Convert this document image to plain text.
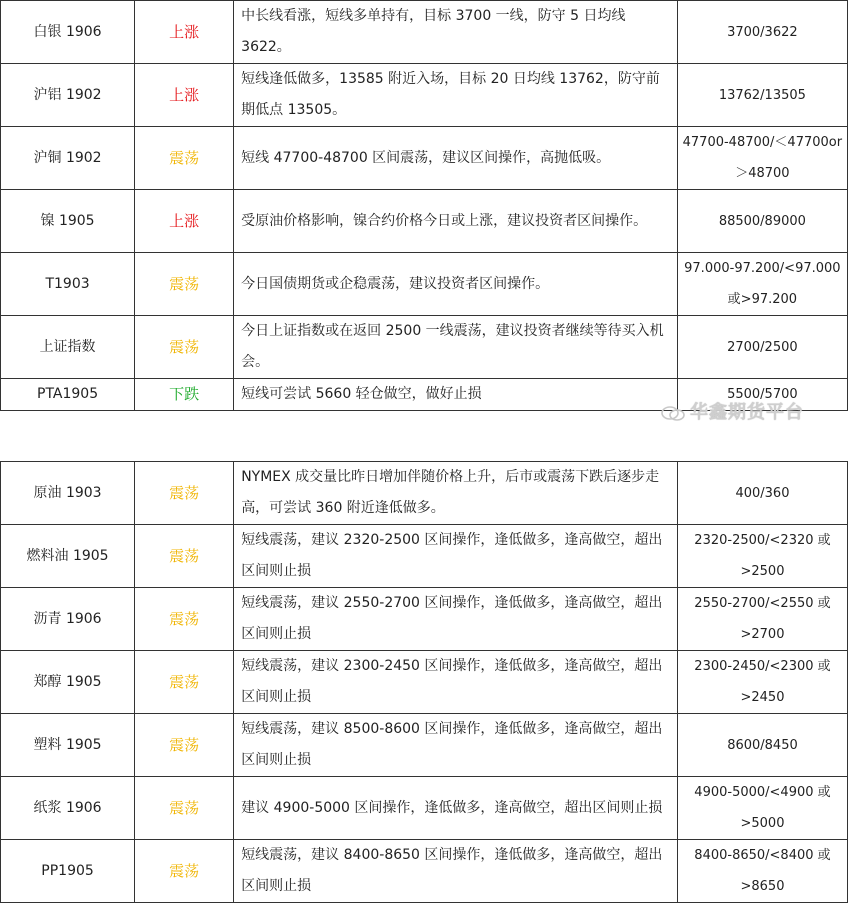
白银 1906	上涨	中长线看涨，短线多单持有，目标 3700 一线，防守 5 日均线 3622。	3700/3622
沪铝 1902	上涨	短线逢低做多，13585 附近入场，目标 20 日均线 13762，防守前期低点 13505。	13762/13505
沪铜 1902	震荡	短线 47700-48700 区间震荡，建议区间操作，高抛低吸。	47700-48700/＜47700or＞48700
镍 1905	上涨	受原油价格影响，镍合约价格今日或上涨，建议投资者区间操作。	88500/89000
T1903	震荡	今日国债期货或企稳震荡，建议投资者区间操作。	97.000-97.200/<97.000 或>97.200
上证指数	震荡	今日上证指数或在返回 2500 一线震荡，建议投资者继续等待买入机会。	2700/2500
PTA1905	下跌	短线可尝试 5660 轻仓做空，做好止损	5500/5700
华鑫期货平台
原油 1903	震荡	NYMEX 成交量比昨日增加伴随价格上升，后市或震荡下跌后逐步走高，可尝试 360 附近逢低做多。	400/360
燃料油 1905	震荡	短线震荡，建议 2320-2500 区间操作，逢低做多，逢高做空，超出区间则止损	2320-2500/<2320 或>2500
沥青 1906	震荡	短线震荡，建议 2550-2700 区间操作，逢低做多，逢高做空，超出区间则止损	2550-2700/<2550 或>2700
郑醇 1905	震荡	短线震荡，建议 2300-2450 区间操作，逢低做多，逢高做空，超出区间则止损	2300-2450/<2300 或>2450
塑料 1905	震荡	短线震荡，建议 8500-8600 区间操作，逢低做多，逢高做空，超出区间则止损	8600/8450
纸浆 1906	震荡	建议 4900-5000 区间操作，逢低做多，逢高做空，超出区间则止损	4900-5000/<4900 或>5000
PP1905	震荡	短线震荡，建议 8400-8650 区间操作，逢低做多，逢高做空，超出区间则止损	8400-8650/<8400 或>8650
